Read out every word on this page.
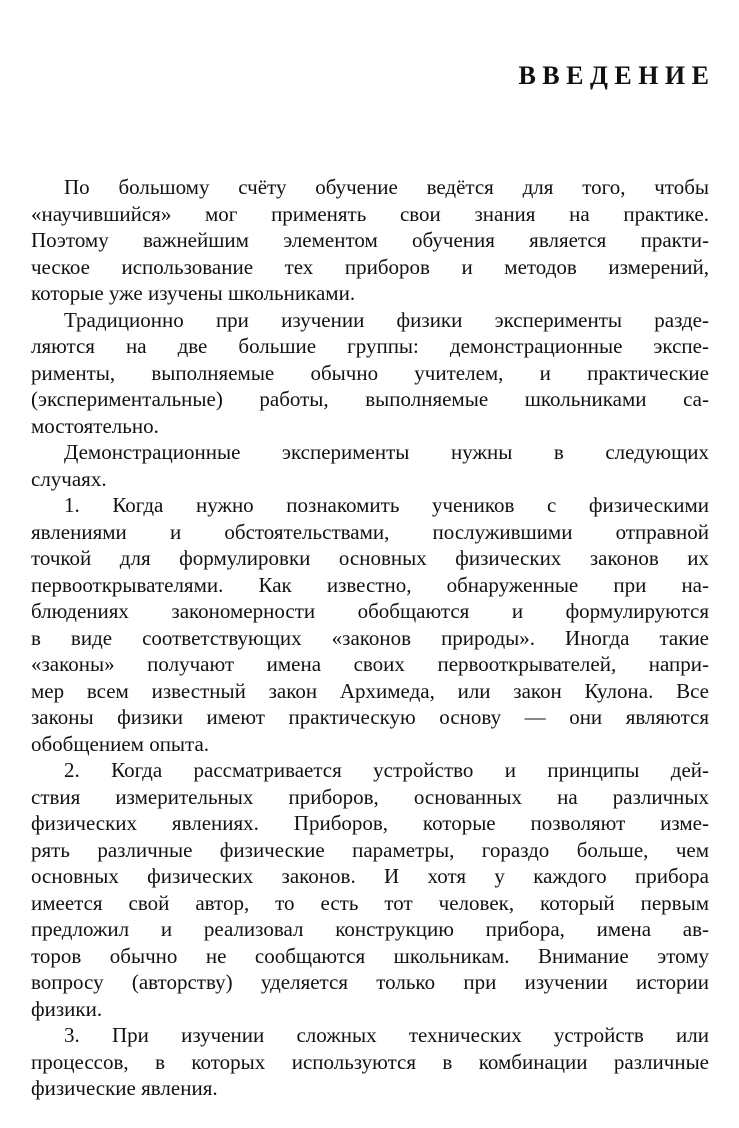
ВВЕДЕНИЕ
По большому счёту обучение ведётся для того, чтобы
«научившийся» мог применять свои знания на практике.
Поэтому важнейшим элементом обучения является практи-
ческое использование тех приборов и методов измерений,
которые уже изучены школьниками.
Традиционно при изучении физики эксперименты разде-
ляются на две большие группы: демонстрационные экспе-
рименты, выполняемые обычно учителем, и практические
(экспериментальные) работы, выполняемые школьниками са-
мостоятельно.
Демонстрационные эксперименты нужны в следующих
случаях.
1. Когда нужно познакомить учеников с физическими
явлениями и обстоятельствами, послужившими отправной
точкой для формулировки основных физических законов их
первооткрывателями. Как известно, обнаруженные при на-
блюдениях закономерности обобщаются и формулируются
в виде соответствующих «законов природы». Иногда такие
«законы» получают имена своих первооткрывателей, напри-
мер всем известный закон Архимеда, или закон Кулона. Все
законы физики имеют практическую основу — они являются
обобщением опыта.
2. Когда рассматривается устройство и принципы дей-
ствия измерительных приборов, основанных на различных
физических явлениях. Приборов, которые позволяют изме-
рять различные физические параметры, гораздо больше, чем
основных физических законов. И хотя у каждого прибора
имеется свой автор, то есть тот человек, который первым
предложил и реализовал конструкцию прибора, имена ав-
торов обычно не сообщаются школьникам. Внимание этому
вопросу (авторству) уделяется только при изучении истории
физики.
3. При изучении сложных технических устройств или
процессов, в которых используются в комбинации различные
физические явления.
